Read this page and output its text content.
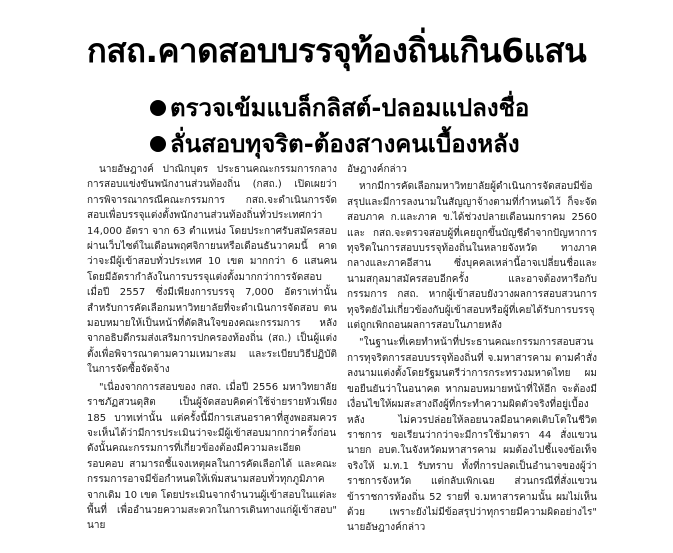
กสถ.คาดสอบบรรจุท้องถิ่นเกิน6แสน
ตรวจเข้มแบล็กลิสต์-ปลอมแปลงชื่อ
ลั่นสอบทุจริต-ต้องสางคนเบื้องหลัง

นายอัษฎางค์ ปาณิกบุตร ประธานคณะกรรมการกลางการสอบแข่งขันพนักงานส่วนท้องถิ่น (กสถ.) เปิดเผยว่า การพิจารณากรณีคณะกรรมการ กสถ.จะดำเนินการจัดสอบเพื่อบรรจุแต่งตั้งพนักงานส่วนท้องถิ่นทั่วประเทศกว่า 14,000 อัตรา จาก 63 ตำแหน่ง โดยประกาศรับสมัครสอบผ่านเว็บไซต์ในเดือนพฤศจิกายนหรือเดือนธันวาคมนี้ คาดว่าจะมีผู้เข้าสอบทั่วประเทศ 10 เขต มากกว่า 6 แสนคน โดยมีอัตรากำลังในการบรรจุแต่งตั้งมากกว่าการจัดสอบเมื่อปี 2557 ซึ่งมีเพียงการบรรจุ 7,000 อัตราเท่านั้น สำหรับการคัดเลือกมหาวิทยาลัยที่จะดำเนินการจัดสอบ ตนมอบหมายให้เป็นหน้าที่ตัดสินใจของคณะกรรมการ หลังจากอธิบดีกรมส่งเสริมการปกครองท้องถิ่น (สถ.) เป็นผู้แต่งตั้งเพื่อพิจารณาตามความเหมาะสม และระเบียบวิธีปฏิบัติในการจัดซื้อจัดจ้าง

"เนื่องจากการสอบของ กสถ. เมื่อปี 2556 มหาวิทยาลัยราชภัฏสวนดุสิต เป็นผู้จัดสอบคิดค่าใช้จ่ายรายหัวเพียง 185 บาทเท่านั้น แต่ครั้งนี้มีการเสนอราคาที่สูงพอสมควร จะเห็นได้ว่ามีการประเมินว่าจะมีผู้เข้าสอบมากกว่าครั้งก่อน ดังนั้นคณะกรรมการที่เกี่ยวข้องต้องมีความละเอียดรอบคอบ สามารถชี้แจงเหตุผลในการคัดเลือกได้ และคณะกรรมการอาจมีข้อกำหนดให้เพิ่มสนามสอบทั่วทุกภูมิภาคจากเดิม 10 เขต โดยประเมินจากจำนวนผู้เข้าสอบในแต่ละพื้นที่ เพื่ออำนวยความสะดวกในการเดินทางแก่ผู้เข้าสอบ" นาย

อัษฎางค์กล่าว

หากมีการคัดเลือกมหาวิทยาลัยผู้ดำเนินการจัดสอบมีข้อสรุปและมีการลงนามในสัญญาจ้างตามที่กำหนดไว้ ก็จะจัดสอบภาค ก.และภาค ข.ได้ช่วงปลายเดือนมกราคม 2560 และ กสถ.จะตรวจสอบผู้ที่เคยถูกขึ้นบัญชีดำจากปัญหาการทุจริตในการสอบบรรจุท้องถิ่นในหลายจังหวัด ทางภาคกลางและภาคอีสาน ซึ่งบุคคลเหล่านี้อาจเปลี่ยนชื่อและนามสกุลมาสมัครสอบอีกครั้ง และอาจต้องหารือกับกรรมการ กสถ. หากผู้เข้าสอบยังวางผลการสอบสวนการทุจริตยังไม่เกี่ยวข้องกับผู้เข้าสอบหรือผู้ที่เคยได้รับการบรรจุแต่ถูกเพิกถอนผลการสอบในภายหลัง

"ในฐานะที่เคยทำหน้าที่ประธานคณะกรรมการสอบสวนการทุจริตการสอบบรรจุท้องถิ่นที่ จ.มหาสารคาม ตามคำสั่งลงนามแต่งตั้งโดยรัฐมนตรีว่าการกระทรวงมหาดไทย ผมขอยืนยันว่าในอนาคต หากมอบหมายหน้าที่ให้อีก จะต้องมีเงื่อนไขให้ผมสะสางถึงผู้ที่กระทำความผิดตัวจริงที่อยู่เบื้องหลัง ไม่ควรปล่อยให้ลอยนวลมีอนาคตเติบโตในชีวิตราชการ ขอเรียนว่ากว่าจะมีการใช้มาตรา 44 สั่งแขวนนายก อบต.ในจังหวัดมหาสารคาม ผมต้องไปชี้แจงข้อเท็จจริงให้ ม.ท.1 รับทราบ ทั้งที่การปลดเป็นอำนาจของผู้ว่าราชการจังหวัด แต่กลับเพิกเฉย ส่วนกรณีที่สั่งแขวนข้าราชการท้องถิ่น 52 รายที่ จ.มหาสารคามนั้น ผมไม่เห็นด้วย เพราะยังไม่มีข้อสรุปว่าทุกรายมีความผิดอย่างไร" นายอัษฎางค์กล่าว
